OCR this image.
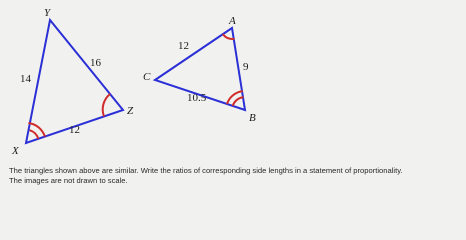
Y
Z
X
14
16
12
A
C
B
12
9
10.5
The triangles shown above are similar. Write the ratios of corresponding side lengths in a statement of proportionality.
The images are not drawn to scale.
